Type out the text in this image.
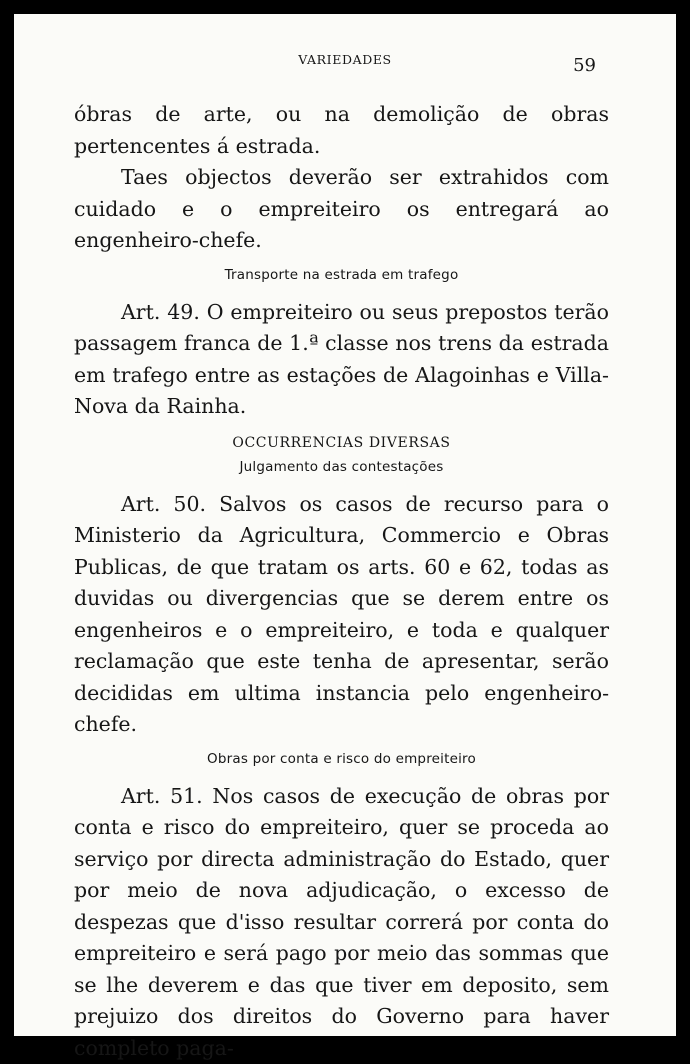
VARIEDADES	59

óbras de arte, ou na demolição de obras pertencentes á estrada.

Taes objectos deverão ser extrahidos com cuidado e o empreiteiro os entregará ao engenheiro-chefe.

Transporte na estrada em trafego

Art. 49. O empreiteiro ou seus prepostos terão passagem franca de 1.ª classe nos trens da estrada em trafego entre as estações de Alagoinhas e Villa-Nova da Rainha.

OCCURRENCIAS DIVERSAS
Julgamento das contestações

Art. 50. Salvos os casos de recurso para o Ministerio da Agricultura, Commercio e Obras Publicas, de que tratam os arts. 60 e 62, todas as duvidas ou divergencias que se derem entre os engenheiros e o empreiteiro, e toda e qualquer reclamação que este tenha de apresentar, serão decididas em ultima instancia pelo engenheiro-chefe.

Obras por conta e risco do empreiteiro

Art. 51. Nos casos de execução de obras por conta e risco do empreiteiro, quer se proceda ao serviço por directa administração do Estado, quer por meio de nova adjudicação, o excesso de despezas que d'isso resultar correrá por conta do empreiteiro e será pago por meio das sommas que se lhe deverem e das que tiver em deposito, sem prejuizo dos direitos do Governo para haver completo paga-
